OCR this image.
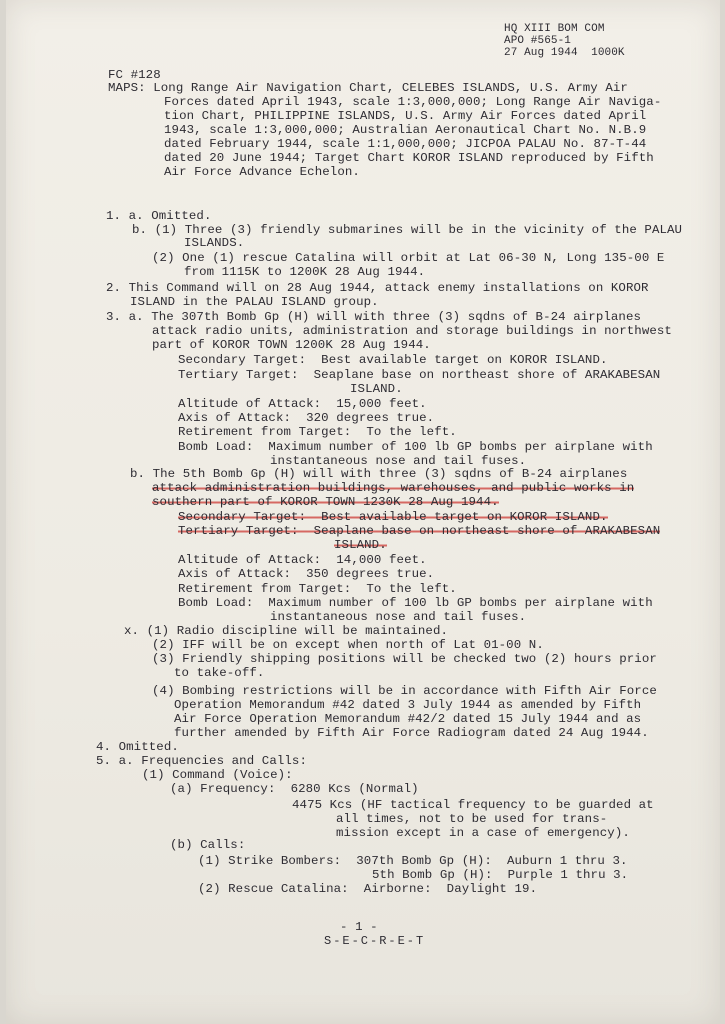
HQ XIII BOM COM
APO #565-1
27 Aug 1944  1000K
FC #128
MAPS: Long Range Air Navigation Chart, CELEBES ISLANDS, U.S. Army Air
Forces dated April 1943, scale 1:3,000,000; Long Range Air Naviga-
tion Chart, PHILIPPINE ISLANDS, U.S. Army Air Forces dated April
1943, scale 1:3,000,000; Australian Aeronautical Chart No. N.B.9
dated February 1944, scale 1:1,000,000; JICPOA PALAU No. 87-T-44
dated 20 June 1944; Target Chart KOROR ISLAND reproduced by Fifth
Air Force Advance Echelon.
1. a. Omitted.
b. (1) Three (3) friendly submarines will be in the vicinity of the PALAU
ISLANDS.
(2) One (1) rescue Catalina will orbit at Lat 06-30 N, Long 135-00 E
from 1115K to 1200K 28 Aug 1944.
2. This Command will on 28 Aug 1944, attack enemy installations on KOROR
ISLAND in the PALAU ISLAND group.
3. a. The 307th Bomb Gp (H) will with three (3) sqdns of B-24 airplanes
attack radio units, administration and storage buildings in northwest
part of KOROR TOWN 1200K 28 Aug 1944.
Secondary Target:  Best available target on KOROR ISLAND.
Tertiary Target:  Seaplane base on northeast shore of ARAKABESAN
ISLAND.
Altitude of Attack:  15,000 feet.
Axis of Attack:  320 degrees true.
Retirement from Target:  To the left.
Bomb Load:  Maximum number of 100 lb GP bombs per airplane with
instantaneous nose and tail fuses.
b. The 5th Bomb Gp (H) will with three (3) sqdns of B-24 airplanes
attack administration buildings, warehouses, and public works in
southern part of KOROR TOWN 1230K 28 Aug 1944.
Secondary Target:  Best available target on KOROR ISLAND.
Tertiary Target:  Seaplane base on northeast shore of ARAKABESAN
ISLAND.
Altitude of Attack:  14,000 feet.
Axis of Attack:  350 degrees true.
Retirement from Target:  To the left.
Bomb Load:  Maximum number of 100 lb GP bombs per airplane with
instantaneous nose and tail fuses.
x. (1) Radio discipline will be maintained.
(2) IFF will be on except when north of Lat 01-00 N.
(3) Friendly shipping positions will be checked two (2) hours prior
to take-off.
(4) Bombing restrictions will be in accordance with Fifth Air Force
Operation Memorandum #42 dated 3 July 1944 as amended by Fifth
Air Force Operation Memorandum #42/2 dated 15 July 1944 and as
further amended by Fifth Air Force Radiogram dated 24 Aug 1944.
4. Omitted.
5. a. Frequencies and Calls:
(1) Command (Voice):
(a) Frequency:  6280 Kcs (Normal)
4475 Kcs (HF tactical frequency to be guarded at
all times, not to be used for trans-
mission except in a case of emergency).
(b) Calls:
(1) Strike Bombers:  307th Bomb Gp (H):  Auburn 1 thru 3.
5th Bomb Gp (H):  Purple 1 thru 3.
(2) Rescue Catalina:  Airborne:  Daylight 19.
- 1 -
S-E-C-R-E-T
